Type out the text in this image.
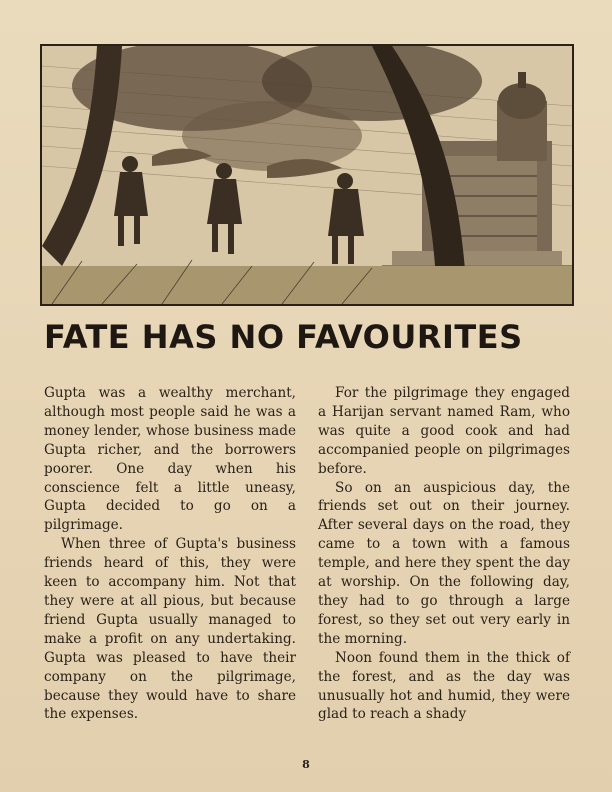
FATE HAS NO FAVOURITES

Gupta was a wealthy merchant, although most people said he was a money lender, whose business made Gupta richer, and the borrowers poorer. One day when his conscience felt a little uneasy, Gupta decided to go on a pilgrimage.

When three of Gupta's business friends heard of this, they were keen to accompany him. Not that they were at all pious, but because friend Gupta usually managed to make a profit on any undertaking. Gupta was pleased to have their company on the pilgrimage, because they would have to share the expenses.

For the pilgrimage they engaged a Harijan servant named Ram, who was quite a good cook and had accompanied people on pilgrimages before.

So on an auspicious day, the friends set out on their journey. After several days on the road, they came to a town with a famous temple, and here they spent the day at worship. On the following day, they had to go through a large forest, so they set out very early in the morning.

Noon found them in the thick of the forest, and as the day was unusually hot and humid, they were glad to reach a shady

8
